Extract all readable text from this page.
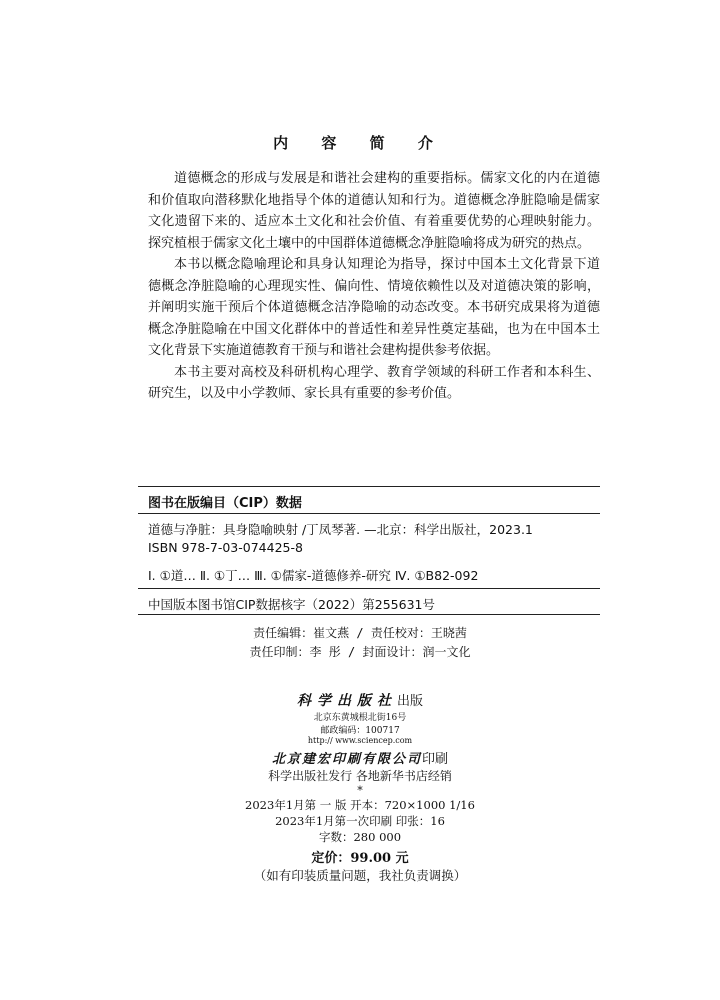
内 容 简 介

道德概念的形成与发展是和谐社会建构的重要指标。儒家文化的内在道德和价值取向潜移默化地指导个体的道德认知和行为。道德概念净脏隐喻是儒家文化遗留下来的、适应本土文化和社会价值、有着重要优势的心理映射能力。探究植根于儒家文化土壤中的中国群体道德概念净脏隐喻将成为研究的热点。

本书以概念隐喻理论和具身认知理论为指导，探讨中国本土文化背景下道德概念净脏隐喻的心理现实性、偏向性、情境依赖性以及对道德决策的影响，并阐明实施干预后个体道德概念洁净隐喻的动态改变。本书研究成果将为道德概念净脏隐喻在中国文化群体中的普适性和差异性奠定基础，也为在中国本土文化背景下实施道德教育干预与和谐社会建构提供参考依据。

本书主要对高校及科研机构心理学、教育学领域的科研工作者和本科生、研究生，以及中小学教师、家长具有重要的参考价值。

图书在版编目（CIP）数据
道德与净脏：具身隐喻映射 /丁凤琴著. —北京：科学出版社，2023.1
ISBN 978-7-03-074425-8
Ⅰ. ①道… Ⅱ. ①丁… Ⅲ. ①儒家-道德修养-研究 Ⅳ. ①B82-092
中国版本图书馆CIP数据核字（2022）第255631号
责任编辑：崔文燕 / 责任校对：王晓茜
责任印制：李 彤 / 封面设计：润一文化
科学出版社出版
北京东黄城根北街16号
邮政编码：100717
http:// www.sciencep.com
北京建宏印刷有限公司印刷
科学出版社发行 各地新华书店经销
*
2023年1月第 一 版 开本：720×1000 1/16
2023年1月第一次印刷 印张：16
字数：280 000
定价：99.00 元
（如有印装质量问题，我社负责调换）
